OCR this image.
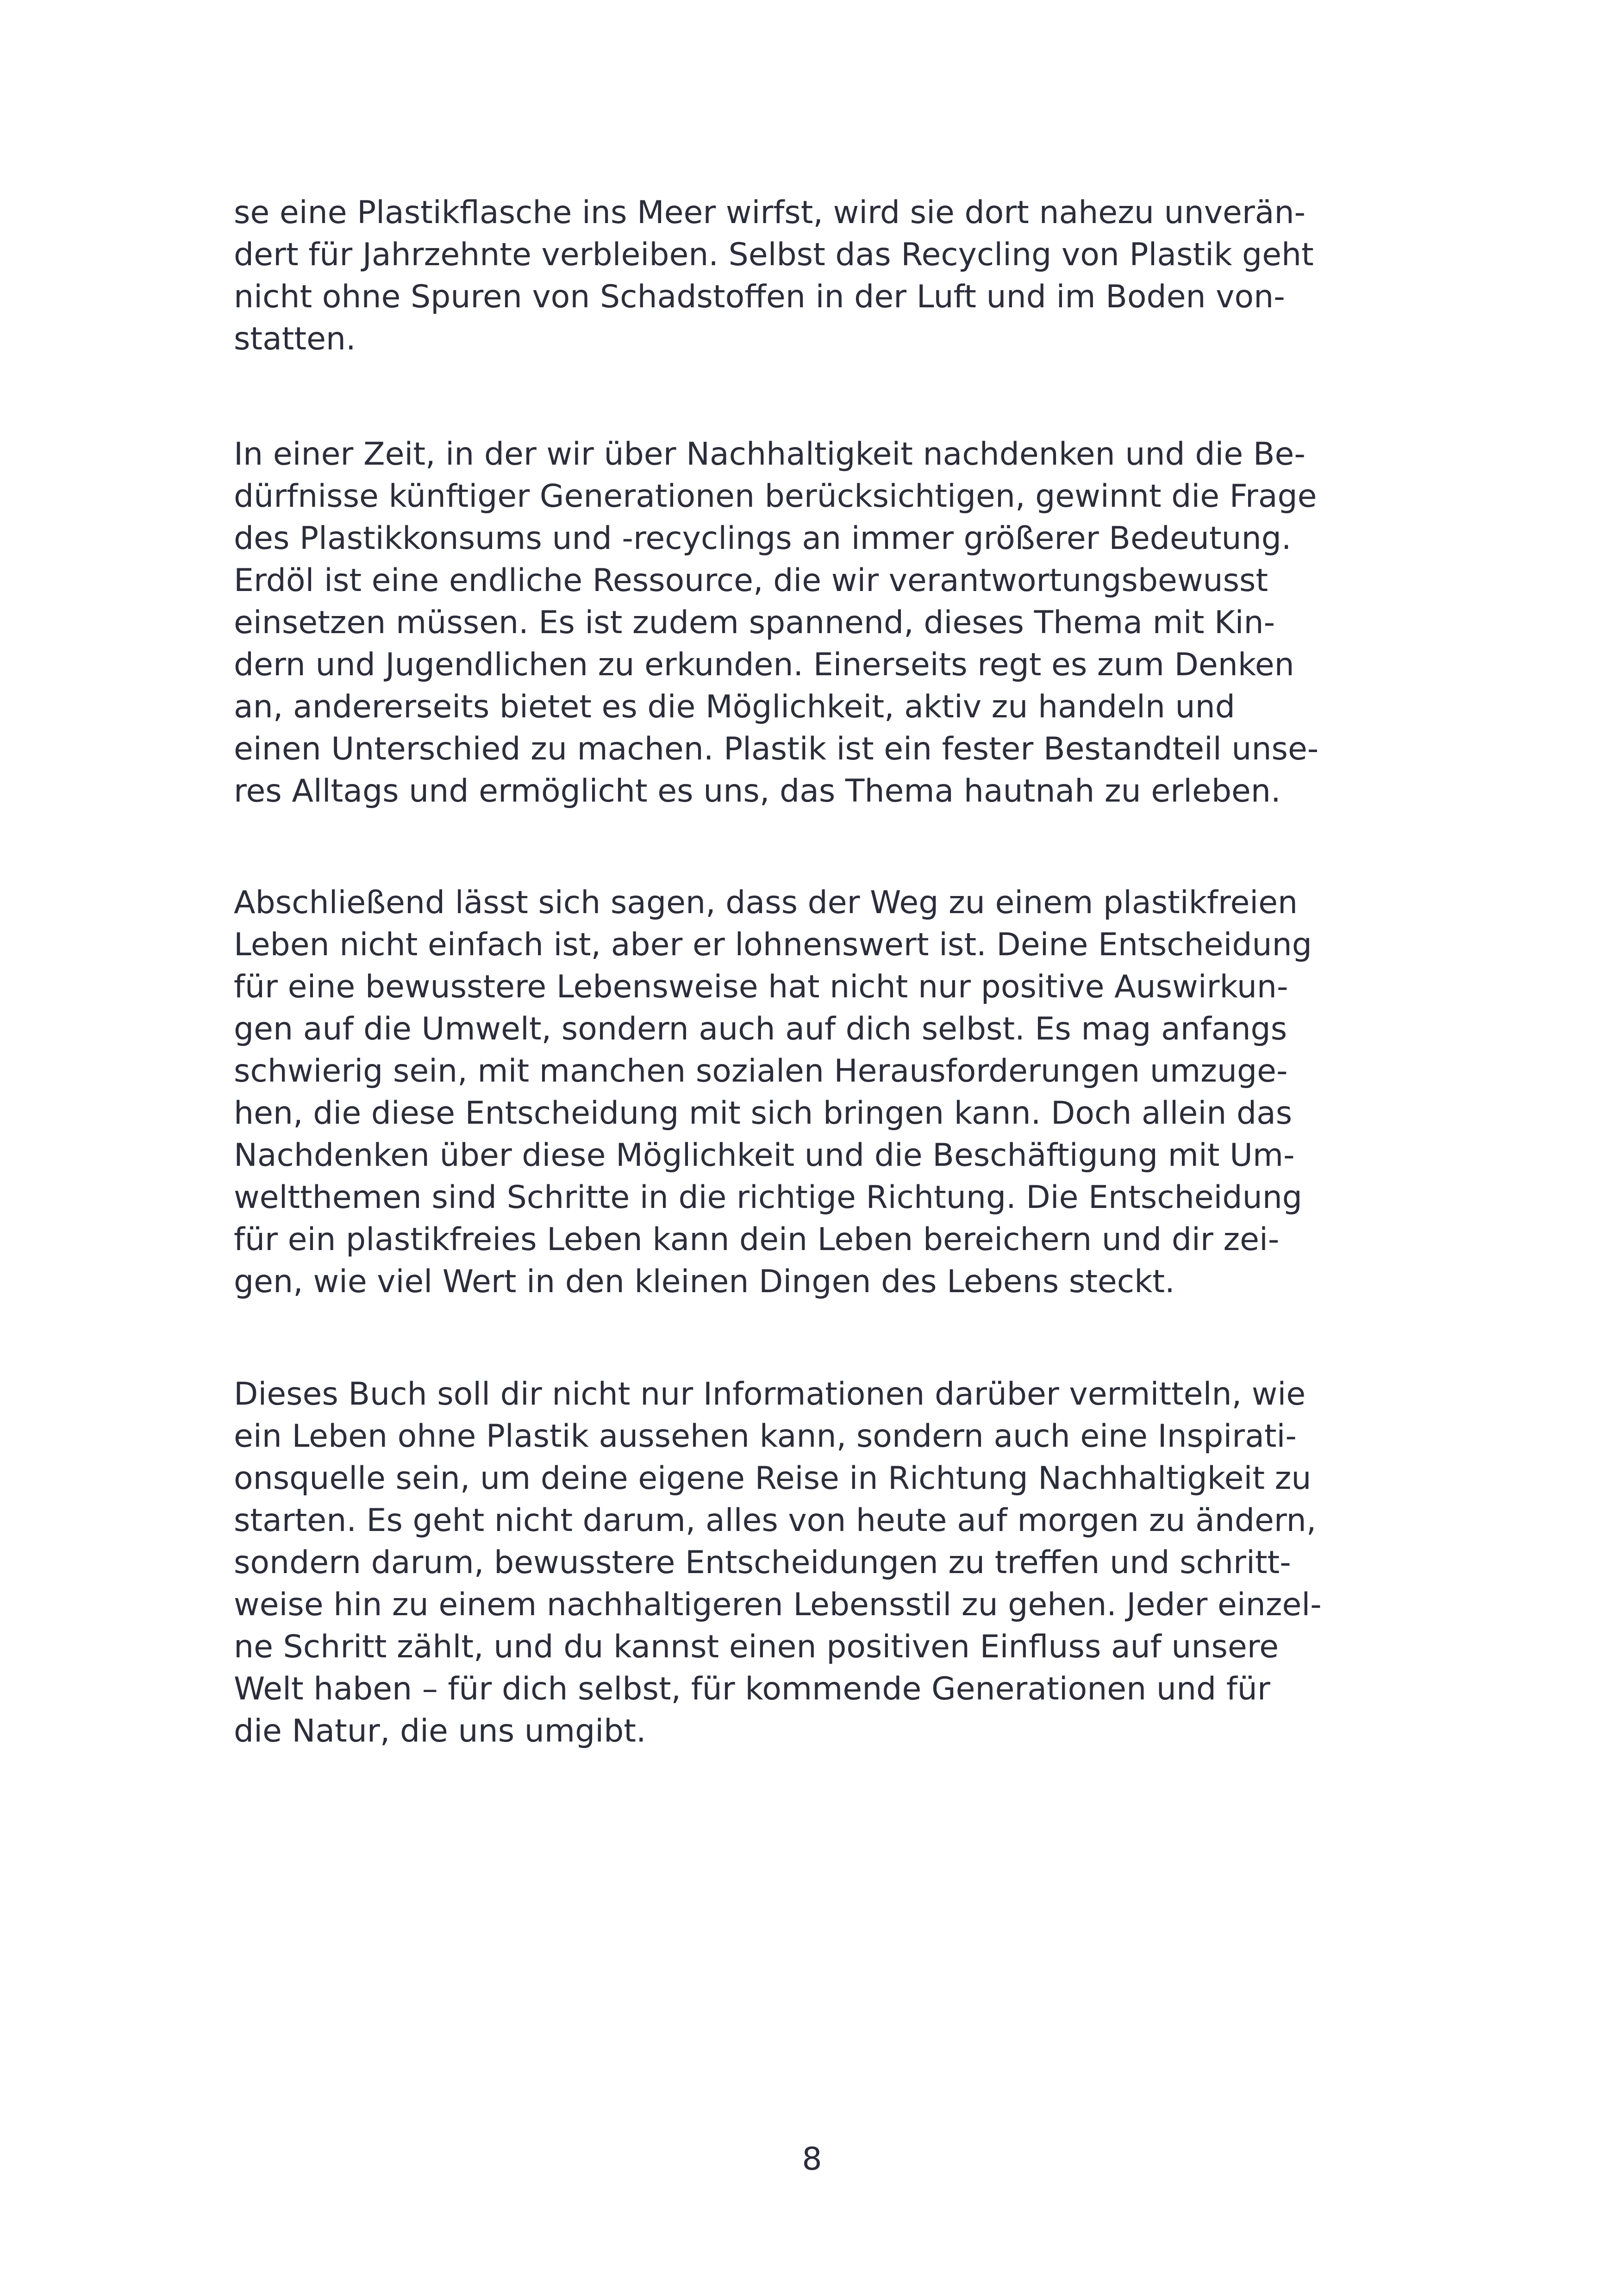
se eine Plastikflasche ins Meer wirfst, wird sie dort nahezu unverän-
dert für Jahrzehnte verbleiben. Selbst das Recycling von Plastik geht
nicht ohne Spuren von Schadstoffen in der Luft und im Boden von-
statten.

In einer Zeit, in der wir über Nachhaltigkeit nachdenken und die Be-
dürfnisse künftiger Generationen berücksichtigen, gewinnt die Frage
des Plastikkonsums und -recyclings an immer größerer Bedeutung.
Erdöl ist eine endliche Ressource, die wir verantwortungsbewusst
einsetzen müssen. Es ist zudem spannend, dieses Thema mit Kin-
dern und Jugendlichen zu erkunden. Einerseits regt es zum Denken
an, andererseits bietet es die Möglichkeit, aktiv zu handeln und
einen Unterschied zu machen. Plastik ist ein fester Bestandteil unse-
res Alltags und ermöglicht es uns, das Thema hautnah zu erleben.

Abschließend lässt sich sagen, dass der Weg zu einem plastikfreien
Leben nicht einfach ist, aber er lohnenswert ist. Deine Entscheidung
für eine bewusstere Lebensweise hat nicht nur positive Auswirkun-
gen auf die Umwelt, sondern auch auf dich selbst. Es mag anfangs
schwierig sein, mit manchen sozialen Herausforderungen umzuge-
hen, die diese Entscheidung mit sich bringen kann. Doch allein das
Nachdenken über diese Möglichkeit und die Beschäftigung mit Um-
weltthemen sind Schritte in die richtige Richtung. Die Entscheidung
für ein plastikfreies Leben kann dein Leben bereichern und dir zei-
gen, wie viel Wert in den kleinen Dingen des Lebens steckt.

Dieses Buch soll dir nicht nur Informationen darüber vermitteln, wie
ein Leben ohne Plastik aussehen kann, sondern auch eine Inspirati-
onsquelle sein, um deine eigene Reise in Richtung Nachhaltigkeit zu
starten. Es geht nicht darum, alles von heute auf morgen zu ändern,
sondern darum, bewusstere Entscheidungen zu treffen und schritt-
weise hin zu einem nachhaltigeren Lebensstil zu gehen. Jeder einzel-
ne Schritt zählt, und du kannst einen positiven Einfluss auf unsere
Welt haben – für dich selbst, für kommende Generationen und für
die Natur, die uns umgibt.

8
